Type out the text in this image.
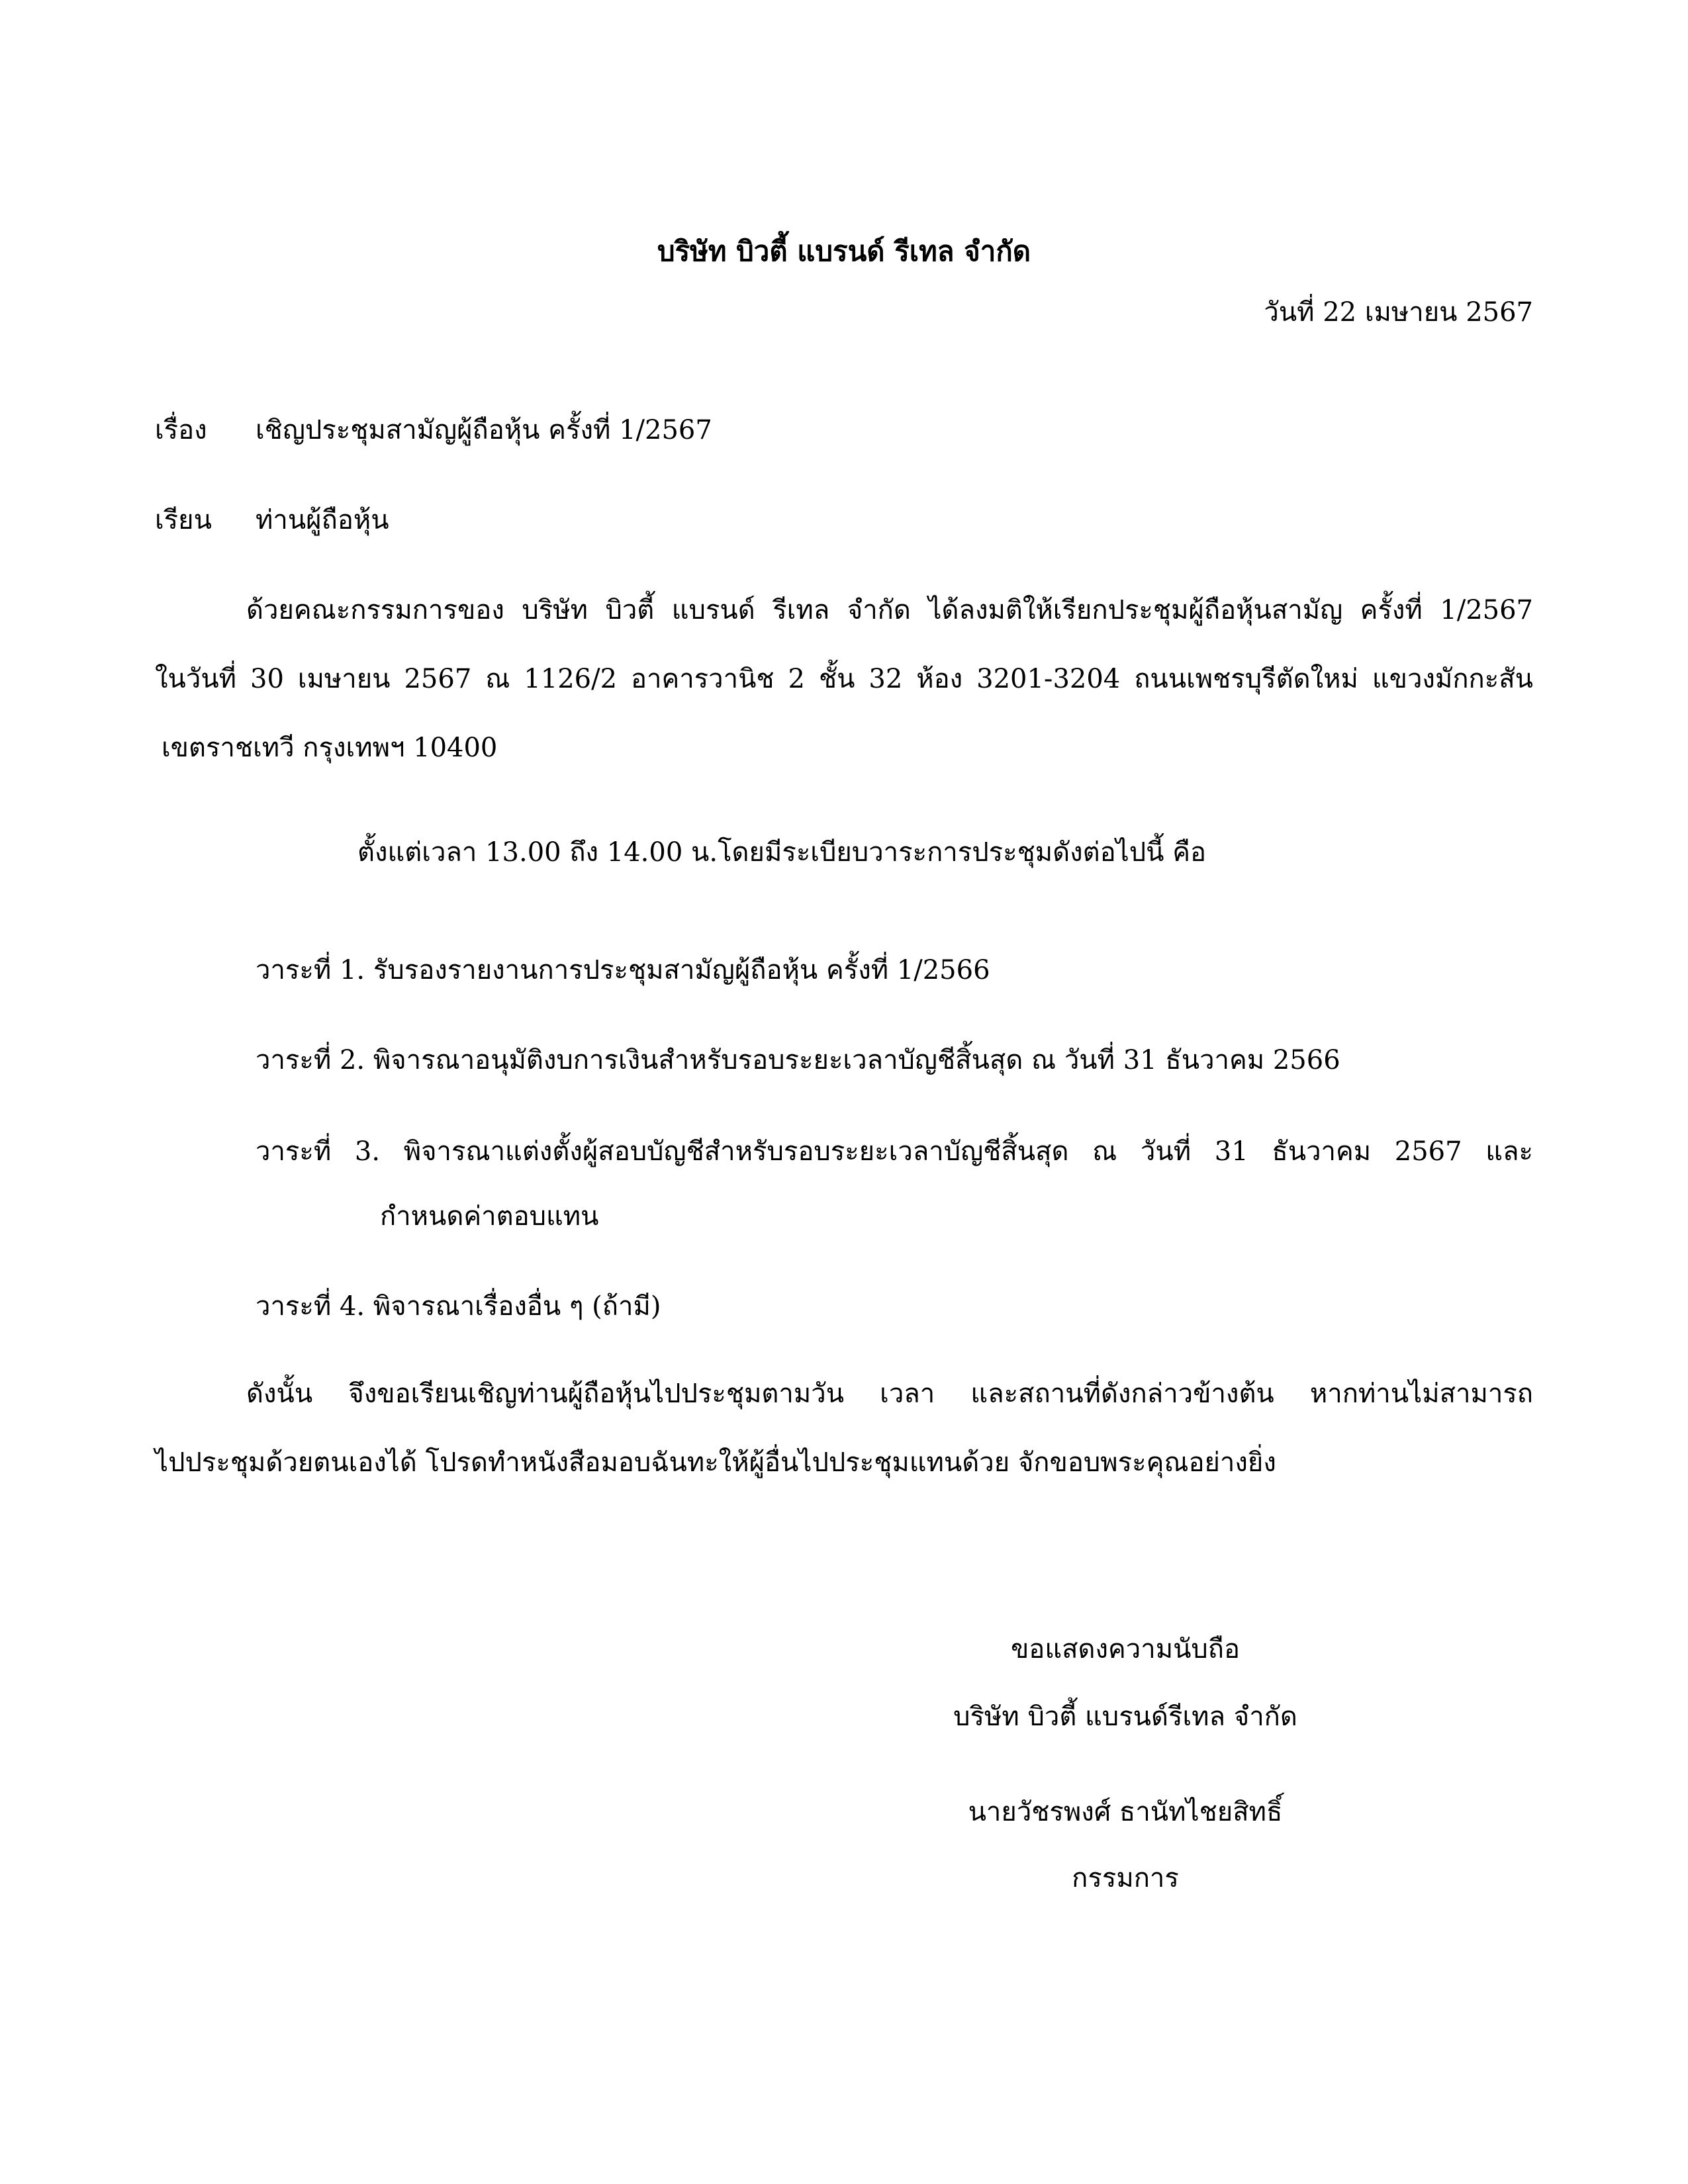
บริษัท บิวตี้ แบรนด์ รีเทล จำกัด
วันที่ 22 เมษายน 2567
เรื่อง เชิญประชุมสามัญผู้ถือหุ้น ครั้งที่ 1/2567
เรียน ท่านผู้ถือหุ้น
ด้วยคณะกรรมการของ บริษัท บิวตี้ แบรนด์ รีเทล จำกัด ได้ลงมติให้เรียกประชุมผู้ถือหุ้นสามัญ ครั้งที่ 1/2567
ในวันที่ 30 เมษายน 2567 ณ 1126/2 อาคารวานิช 2 ชั้น 32 ห้อง 3201-3204 ถนนเพชรบุรีตัดใหม่ แขวงมักกะสัน
เขตราชเทวี กรุงเทพฯ 10400
ตั้งแต่เวลา 13.00 ถึง 14.00 น.โดยมีระเบียบวาระการประชุมดังต่อไปนี้ คือ
วาระที่ 1. รับรองรายงานการประชุมสามัญผู้ถือหุ้น ครั้งที่ 1/2566
วาระที่ 2. พิจารณาอนุมัติงบการเงินสำหรับรอบระยะเวลาบัญชีสิ้นสุด ณ วันที่ 31 ธันวาคม 2566
วาระที่ 3. พิจารณาแต่งตั้งผู้สอบบัญชีสำหรับรอบระยะเวลาบัญชีสิ้นสุด ณ วันที่ 31 ธันวาคม 2567 และ
กำหนดค่าตอบแทน
วาระที่ 4. พิจารณาเรื่องอื่น ๆ (ถ้ามี)
ดังนั้น จึงขอเรียนเชิญท่านผู้ถือหุ้นไปประชุมตามวัน เวลา และสถานที่ดังกล่าวข้างต้น หากท่านไม่สามารถ
ไปประชุมด้วยตนเองได้ โปรดทำหนังสือมอบฉันทะให้ผู้อื่นไปประชุมแทนด้วย จักขอบพระคุณอย่างยิ่ง
ขอแสดงความนับถือ
บริษัท บิวตี้ แบรนด์รีเทล จำกัด
นายวัชรพงศ์ ธานัทไชยสิทธิ์
กรรมการ
